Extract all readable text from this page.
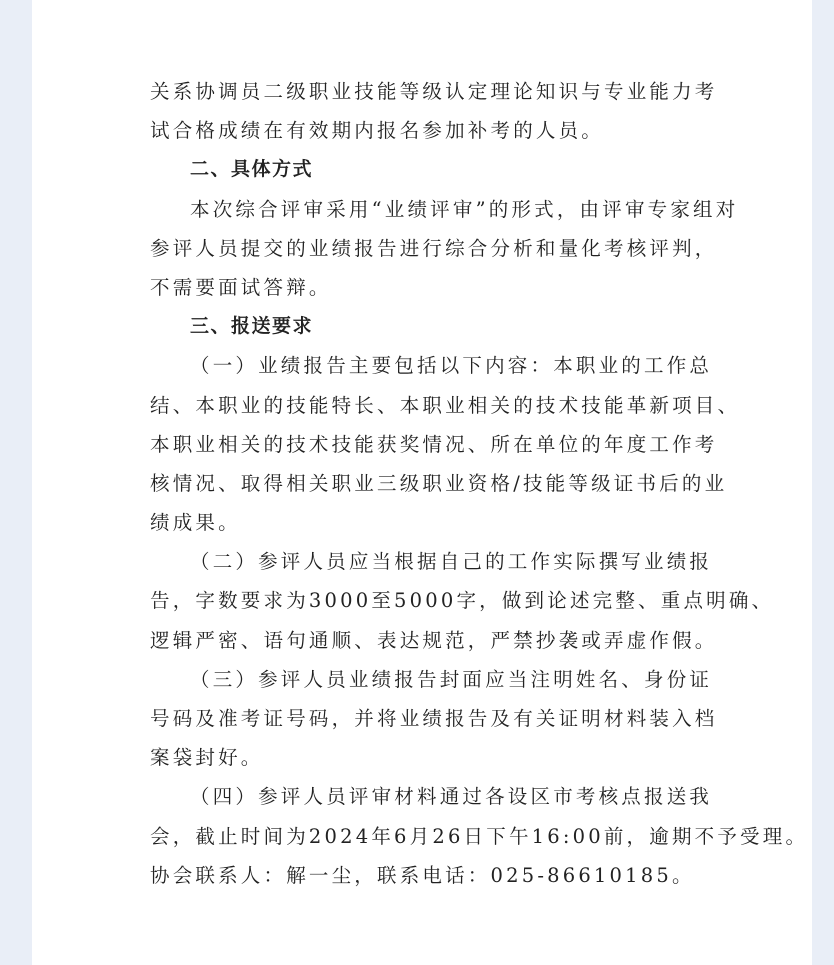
关系协调员二级职业技能等级认定理论知识与专业能力考
试合格成绩在有效期内报名参加补考的人员。
二、具体方式
本次综合评审采用“业绩评审”的形式，由评审专家组对
参评人员提交的业绩报告进行综合分析和量化考核评判，
不需要面试答辩。
三、报送要求
（一）业绩报告主要包括以下内容：本职业的工作总
结、本职业的技能特长、本职业相关的技术技能革新项目、
本职业相关的技术技能获奖情况、所在单位的年度工作考
核情况、取得相关职业三级职业资格/技能等级证书后的业
绩成果。
（二）参评人员应当根据自己的工作实际撰写业绩报
告，字数要求为3000至5000字，做到论述完整、重点明确、
逻辑严密、语句通顺、表达规范，严禁抄袭或弄虚作假。
（三）参评人员业绩报告封面应当注明姓名、身份证
号码及准考证号码，并将业绩报告及有关证明材料装入档
案袋封好。
（四）参评人员评审材料通过各设区市考核点报送我
会，截止时间为2024年6月26日下午16:00前，逾期不予受理。
协会联系人：解一尘，联系电话：025-86610185。
